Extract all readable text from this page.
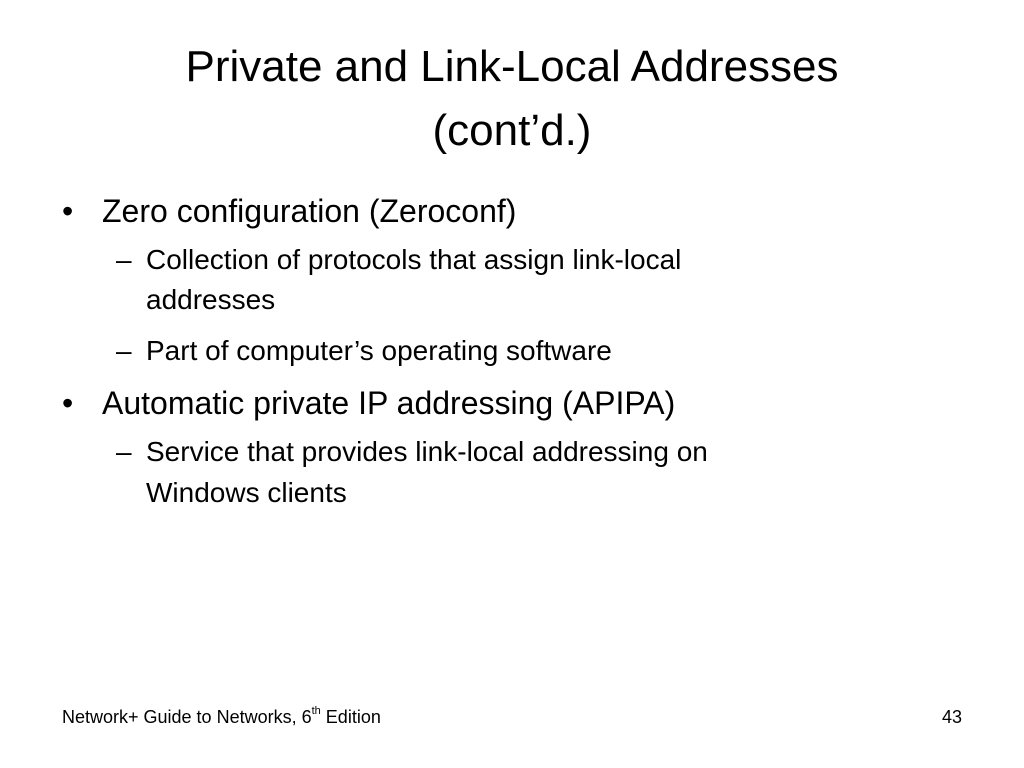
Private and Link-Local Addresses
(cont’d.)
• Zero configuration (Zeroconf)
– Collection of protocols that assign link-local
addresses
– Part of computer’s operating software
• Automatic private IP addressing (APIPA)
– Service that provides link-local addressing on
Windows clients
Network+ Guide to Networks, 6th Edition	43
